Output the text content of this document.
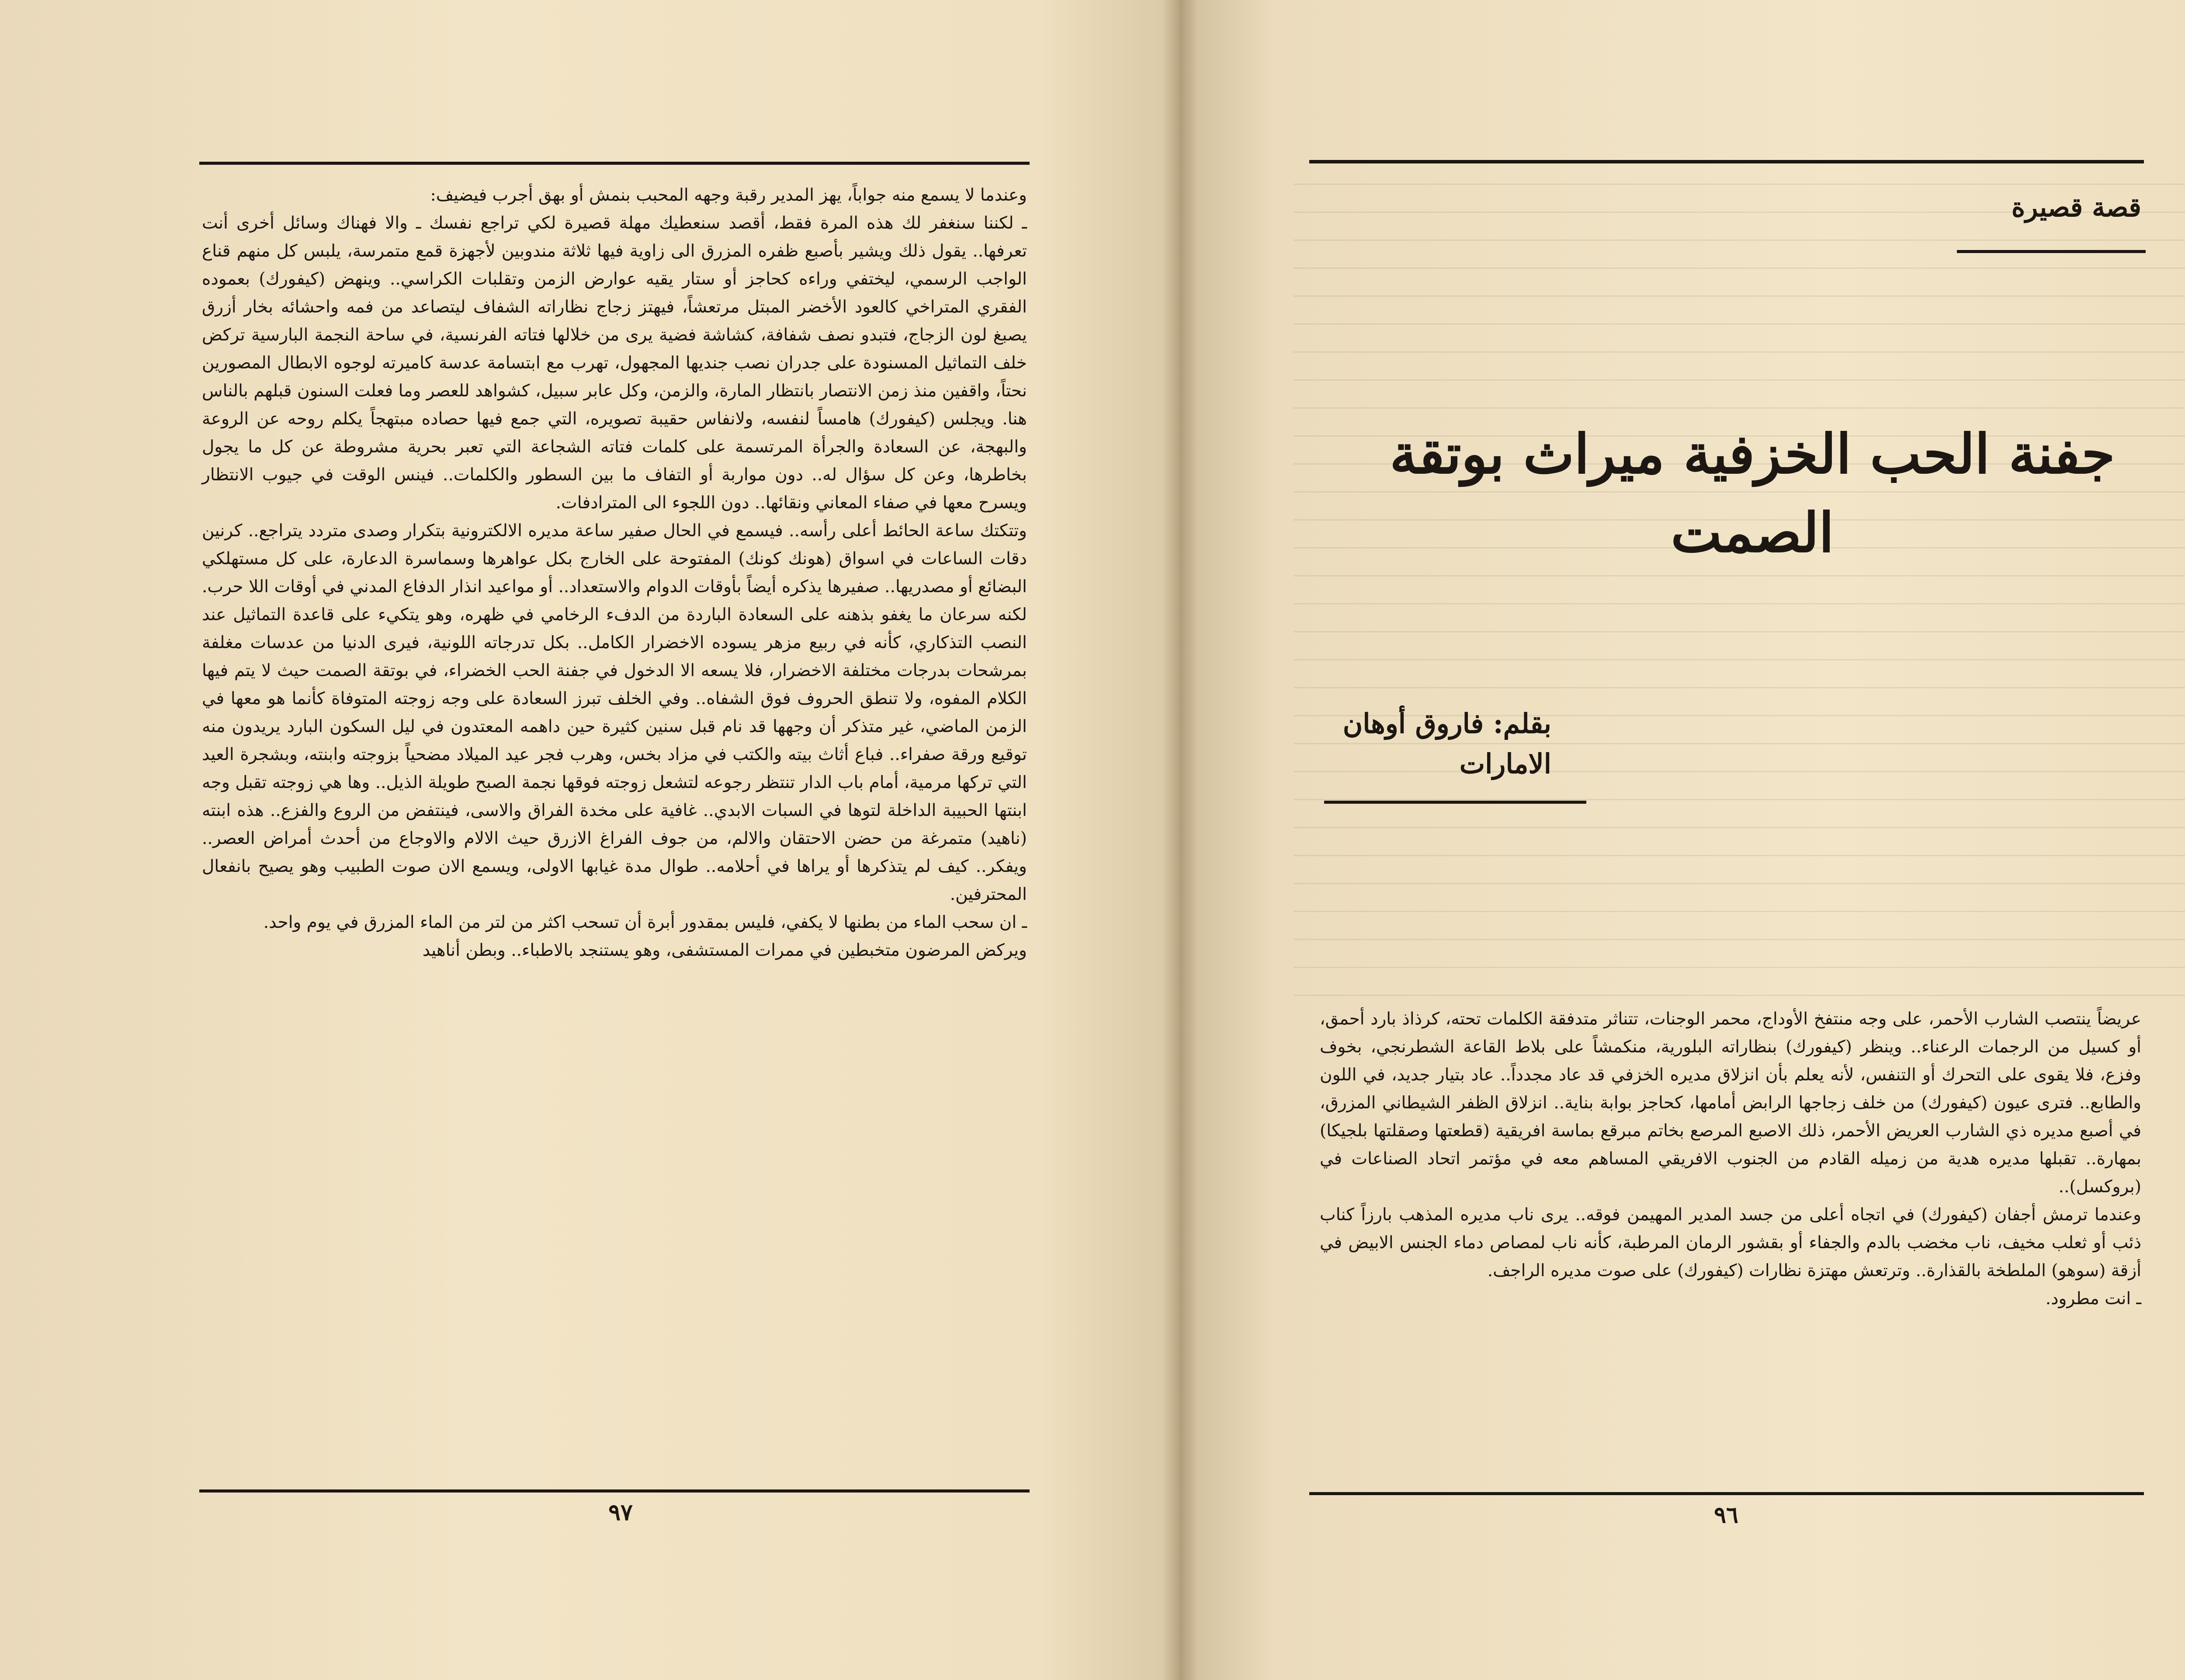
وعندما لا يسمع منه جواباً، يهز المدير رقبة وجهه المحبب بنمش أو بهق أجرب فيضيف:

ـ لكننا سنغفر لك هذه المرة فقط، أقصد سنعطيك مهلة قصيرة لكي تراجع نفسك ـ والا فهناك وسائل أخرى أنت تعرفها.. يقول ذلك ويشير بأصبع ظفره المزرق الى زاوية فيها ثلاثة مندوبين لأجهزة قمع متمرسة، يلبس كل منهم قناع الواجب الرسمي، ليختفي وراءه كحاجز أو ستار يقيه عوارض الزمن وتقلبات الكراسي.. وينهض (كيفورك) بعموده الفقري المتراخي كالعود الأخضر المبتل مرتعشاً، فيهتز زجاج نظاراته الشفاف ليتصاعد من فمه واحشائه بخار أزرق يصبغ لون الزجاج، فتبدو نصف شفافة، كشاشة فضية يرى من خلالها فتاته الفرنسية، في ساحة النجمة البارسية تركض خلف التماثيل المسنودة على جدران نصب جنديها المجهول، تهرب مع ابتسامة عدسة كاميرته لوجوه الابطال المصورين نحتاً، واقفين منذ زمن الانتصار بانتظار المارة، والزمن، وكل عابر سبيل، كشواهد للعصر وما فعلت السنون قبلهم بالناس هنا. ويجلس (كيفورك) هامساً لنفسه، ولانفاس حقيبة تصويره، التي جمع فيها حصاده مبتهجاً يكلم روحه عن الروعة والبهجة، عن السعادة والجرأة المرتسمة على كلمات فتاته الشجاعة التي تعبر بحرية مشروطة عن كل ما يجول بخاطرها، وعن كل سؤال له.. دون مواربة أو التفاف ما بين السطور والكلمات.. فينس الوقت في جيوب الانتظار ويسرح معها في صفاء المعاني ونقائها.. دون اللجوء الى المترادفات.

وتتكتك ساعة الحائط أعلى رأسه.. فيسمع في الحال صفير ساعة مديره الالكترونية بتكرار وصدى متردد يتراجع.. كرنين دقات الساعات في اسواق (هونك كونك) المفتوحة على الخارج بكل عواهرها وسماسرة الدعارة، على كل مستهلكي البضائع أو مصدريها.. صفيرها يذكره أيضاً بأوقات الدوام والاستعداد.. أو مواعيد انذار الدفاع المدني في أوقات اللا حرب. لكنه سرعان ما يغفو بذهنه على السعادة الباردة من الدفء الرخامي في ظهره، وهو يتكيء على قاعدة التماثيل عند النصب التذكاري، كأنه في ربيع مزهر يسوده الاخضرار الكامل.. بكل تدرجاته اللونية، فيرى الدنيا من عدسات مغلفة بمرشحات بدرجات مختلفة الاخضرار، فلا يسعه الا الدخول في جفنة الحب الخضراء، في بوتقة الصمت حيث لا يتم فيها الكلام المفوه، ولا تنطق الحروف فوق الشفاه.. وفي الخلف تبرز السعادة على وجه زوجته المتوفاة كأنما هو معها في الزمن الماضي، غير متذكر أن وجهها قد نام قبل سنين كثيرة حين داهمه المعتدون في ليل السكون البارد يريدون منه توقيع ورقة صفراء.. فباع أثاث بيته والكتب في مزاد بخس، وهرب فجر عيد الميلاد مضحياً بزوجته وابنته، وبشجرة العيد التي تركها مرمية، أمام باب الدار تنتظر رجوعه لتشعل زوجته فوقها نجمة الصبح طويلة الذيل.. وها هي زوجته تقبل وجه ابنتها الحبيبة الداخلة لتوها في السبات الابدي.. غافية على مخدة الفراق والاسى، فينتفض من الروع والفزع.. هذه ابنته (ناهيد) متمرغة من حضن الاحتقان والالم، من جوف الفراغ الازرق حيث الالام والاوجاع من أحدث أمراض العصر.. ويفكر.. كيف لم يتذكرها أو يراها في أحلامه.. طوال مدة غيابها الاولى، ويسمع الان صوت الطبيب وهو يصيح بانفعال المحترفين.

ـ ان سحب الماء من بطنها لا يكفي، فليس بمقدور أبرة أن تسحب اكثر من لتر من الماء المزرق في يوم واحد.

ويركض المرضون متخبطين في ممرات المستشفى، وهو يستنجد بالاطباء.. وبطن أناهيد

٩٧
قصة قصيرة
جفنة الحب الخزفية ميراث بوتقة الصمت
بقلم: فاروق أوهان
الامارات

عريضاً ينتصب الشارب الأحمر، على وجه منتفخ الأوداج، محمر الوجنات، تتناثر متدفقة الكلمات تحته، كرذاذ بارد أحمق، أو كسيل من الرجمات الرعناء.. وينظر (كيفورك) بنظاراته البلورية، منكمشاً على بلاط القاعة الشطرنجي، بخوف وفزع، فلا يقوى على التحرك أو التنفس، لأنه يعلم بأن انزلاق مديره الخزفي قد عاد مجدداً.. عاد بتيار جديد، في اللون والطابع.. فترى عيون (كيفورك) من خلف زجاجها الرابض أمامها، كحاجز بوابة بناية.. انزلاق الظفر الشيطاني المزرق، في أصبع مديره ذي الشارب العريض الأحمر، ذلك الاصبع المرصع بخاتم مبرقع بماسة افريقية (قطعتها وصقلتها بلجيكا) بمهارة.. تقبلها مديره هدية من زميله القادم من الجنوب الافريقي المساهم معه في مؤتمر اتحاد الصناعات في (بروكسل)..

وعندما ترمش أجفان (كيفورك) في اتجاه أعلى من جسد المدير المهيمن فوقه.. يرى ناب مديره المذهب بارزاً كناب ذئب أو ثعلب مخيف، ناب مخضب بالدم والجفاء أو بقشور الرمان المرطبة، كأنه ناب لمصاص دماء الجنس الابيض في أزقة (سوهو) الملطخة بالقذارة.. وترتعش مهتزة نظارات (كيفورك) على صوت مديره الراجف.

ـ انت مطرود.

٩٦
